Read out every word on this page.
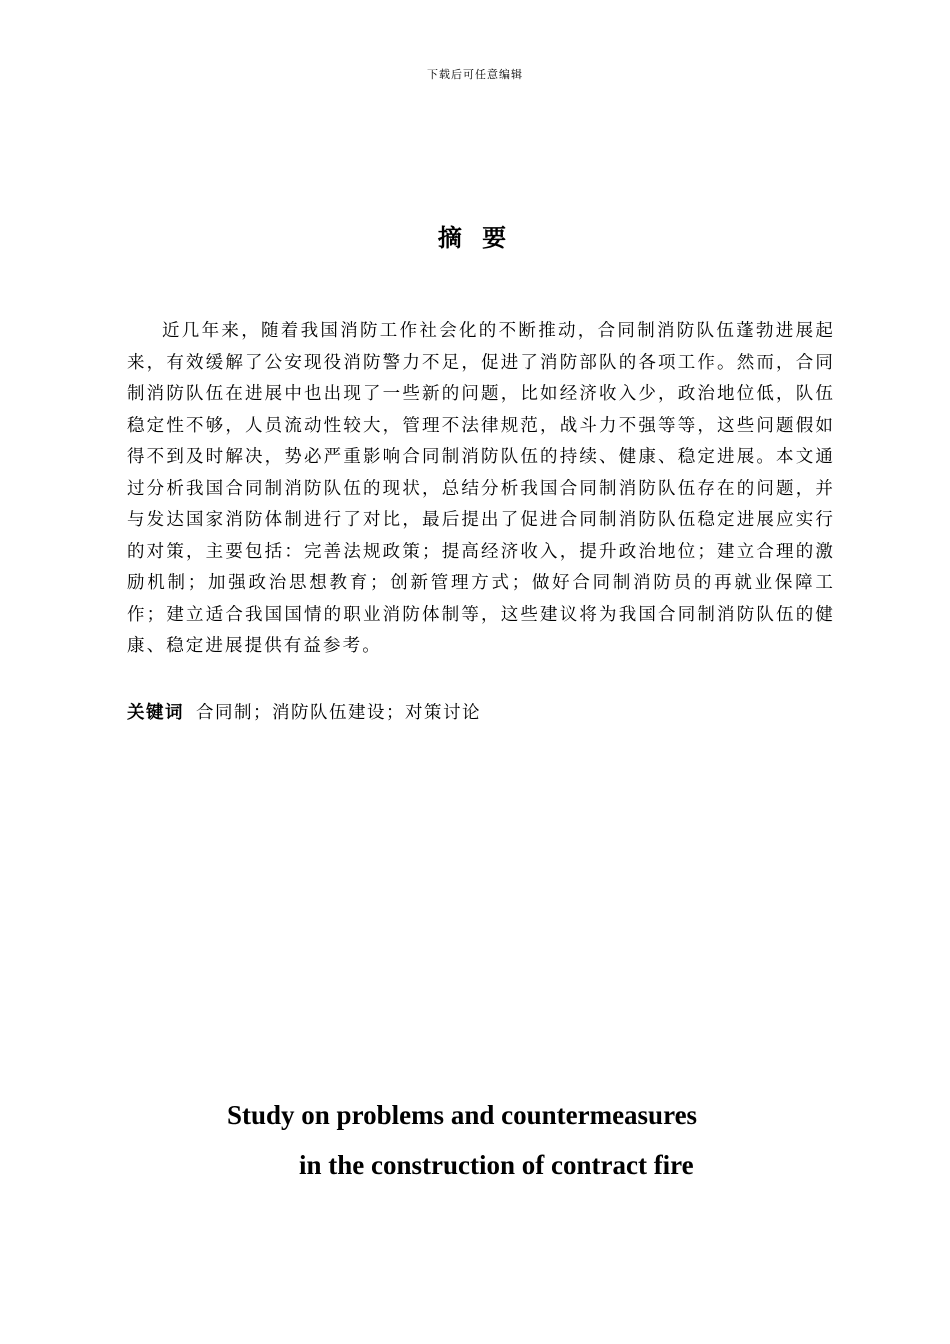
下载后可任意编辑
摘 要

近几年来，随着我国消防工作社会化的不断推动，合同制消防队伍蓬勃进展起来，有效缓解了公安现役消防警力不足，促进了消防部队的各项工作。然而，合同制消防队伍在进展中也出现了一些新的问题，比如经济收入少，政治地位低，队伍稳定性不够，人员流动性较大，管理不法律规范，战斗力不强等等，这些问题假如得不到及时解决，势必严重影响合同制消防队伍的持续、健康、稳定进展。本文通过分析我国合同制消防队伍的现状，总结分析我国合同制消防队伍存在的问题，并与发达国家消防体制进行了对比，最后提出了促进合同制消防队伍稳定进展应实行的对策，主要包括：完善法规政策；提高经济收入，提升政治地位；建立合理的激励机制；加强政治思想教育；创新管理方式；做好合同制消防员的再就业保障工作；建立适合我国国情的职业消防体制等，这些建议将为我国合同制消防队伍的健康、稳定进展提供有益参考。

关键词 合同制；消防队伍建设；对策讨论
Study on problems and countermeasures
in the construction of contract fire
